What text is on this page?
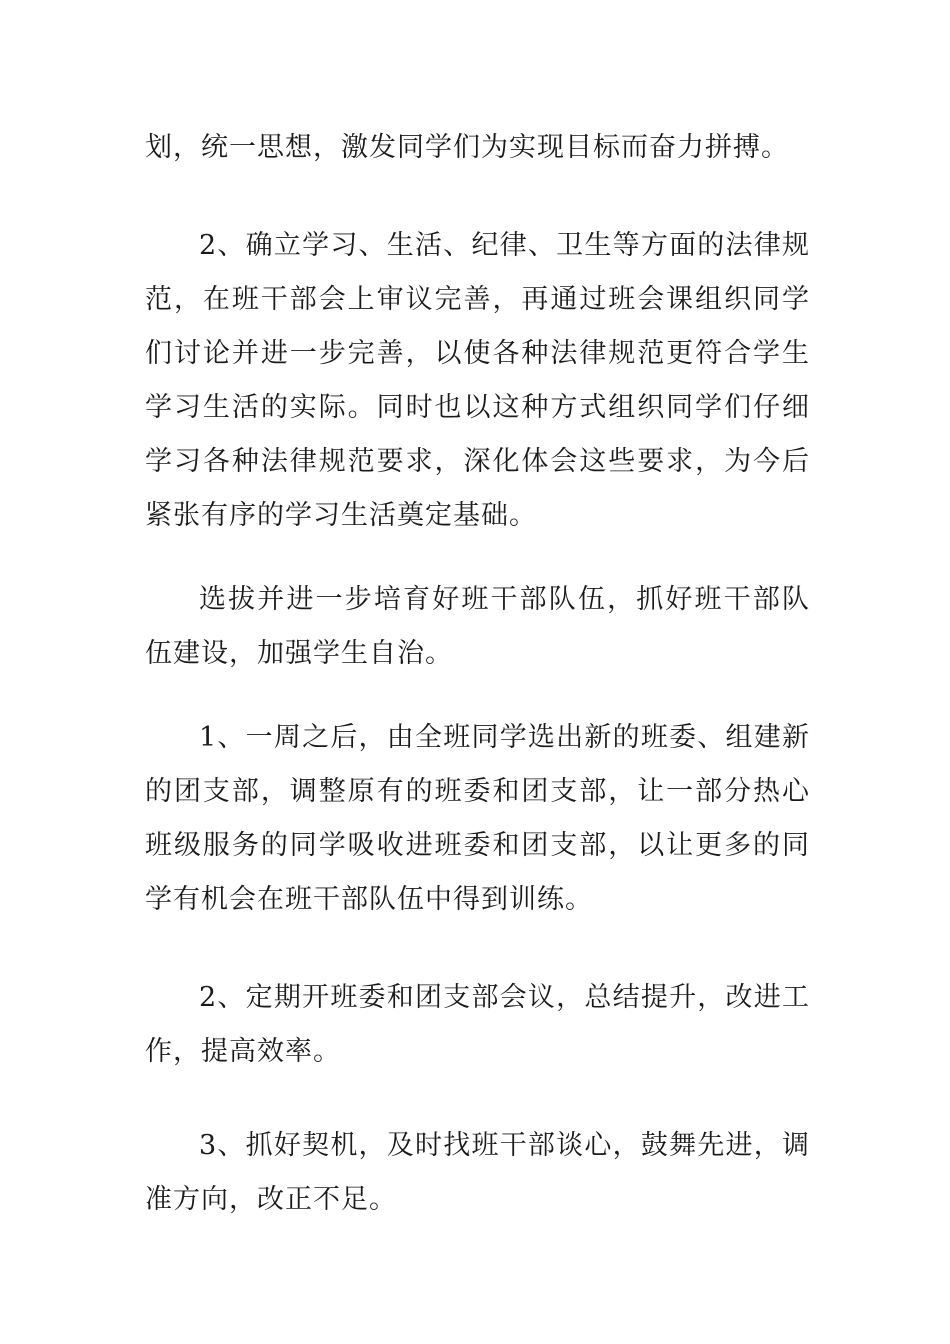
划，统一思想，激发同学们为实现目标而奋力拼搏。

2、确立学习、生活、纪律、卫生等方面的法律规范，在班干部会上审议完善，再通过班会课组织同学们讨论并进一步完善，以使各种法律规范更符合学生学习生活的实际。同时也以这种方式组织同学们仔细学习各种法律规范要求，深化体会这些要求，为今后紧张有序的学习生活奠定基础。

选拔并进一步培育好班干部队伍，抓好班干部队伍建设，加强学生自治。

1、一周之后，由全班同学选出新的班委、组建新的团支部，调整原有的班委和团支部，让一部分热心班级服务的同学吸收进班委和团支部，以让更多的同学有机会在班干部队伍中得到训练。

2、定期开班委和团支部会议，总结提升，改进工作，提高效率。

3、抓好契机，及时找班干部谈心，鼓舞先进，调准方向，改正不足。
